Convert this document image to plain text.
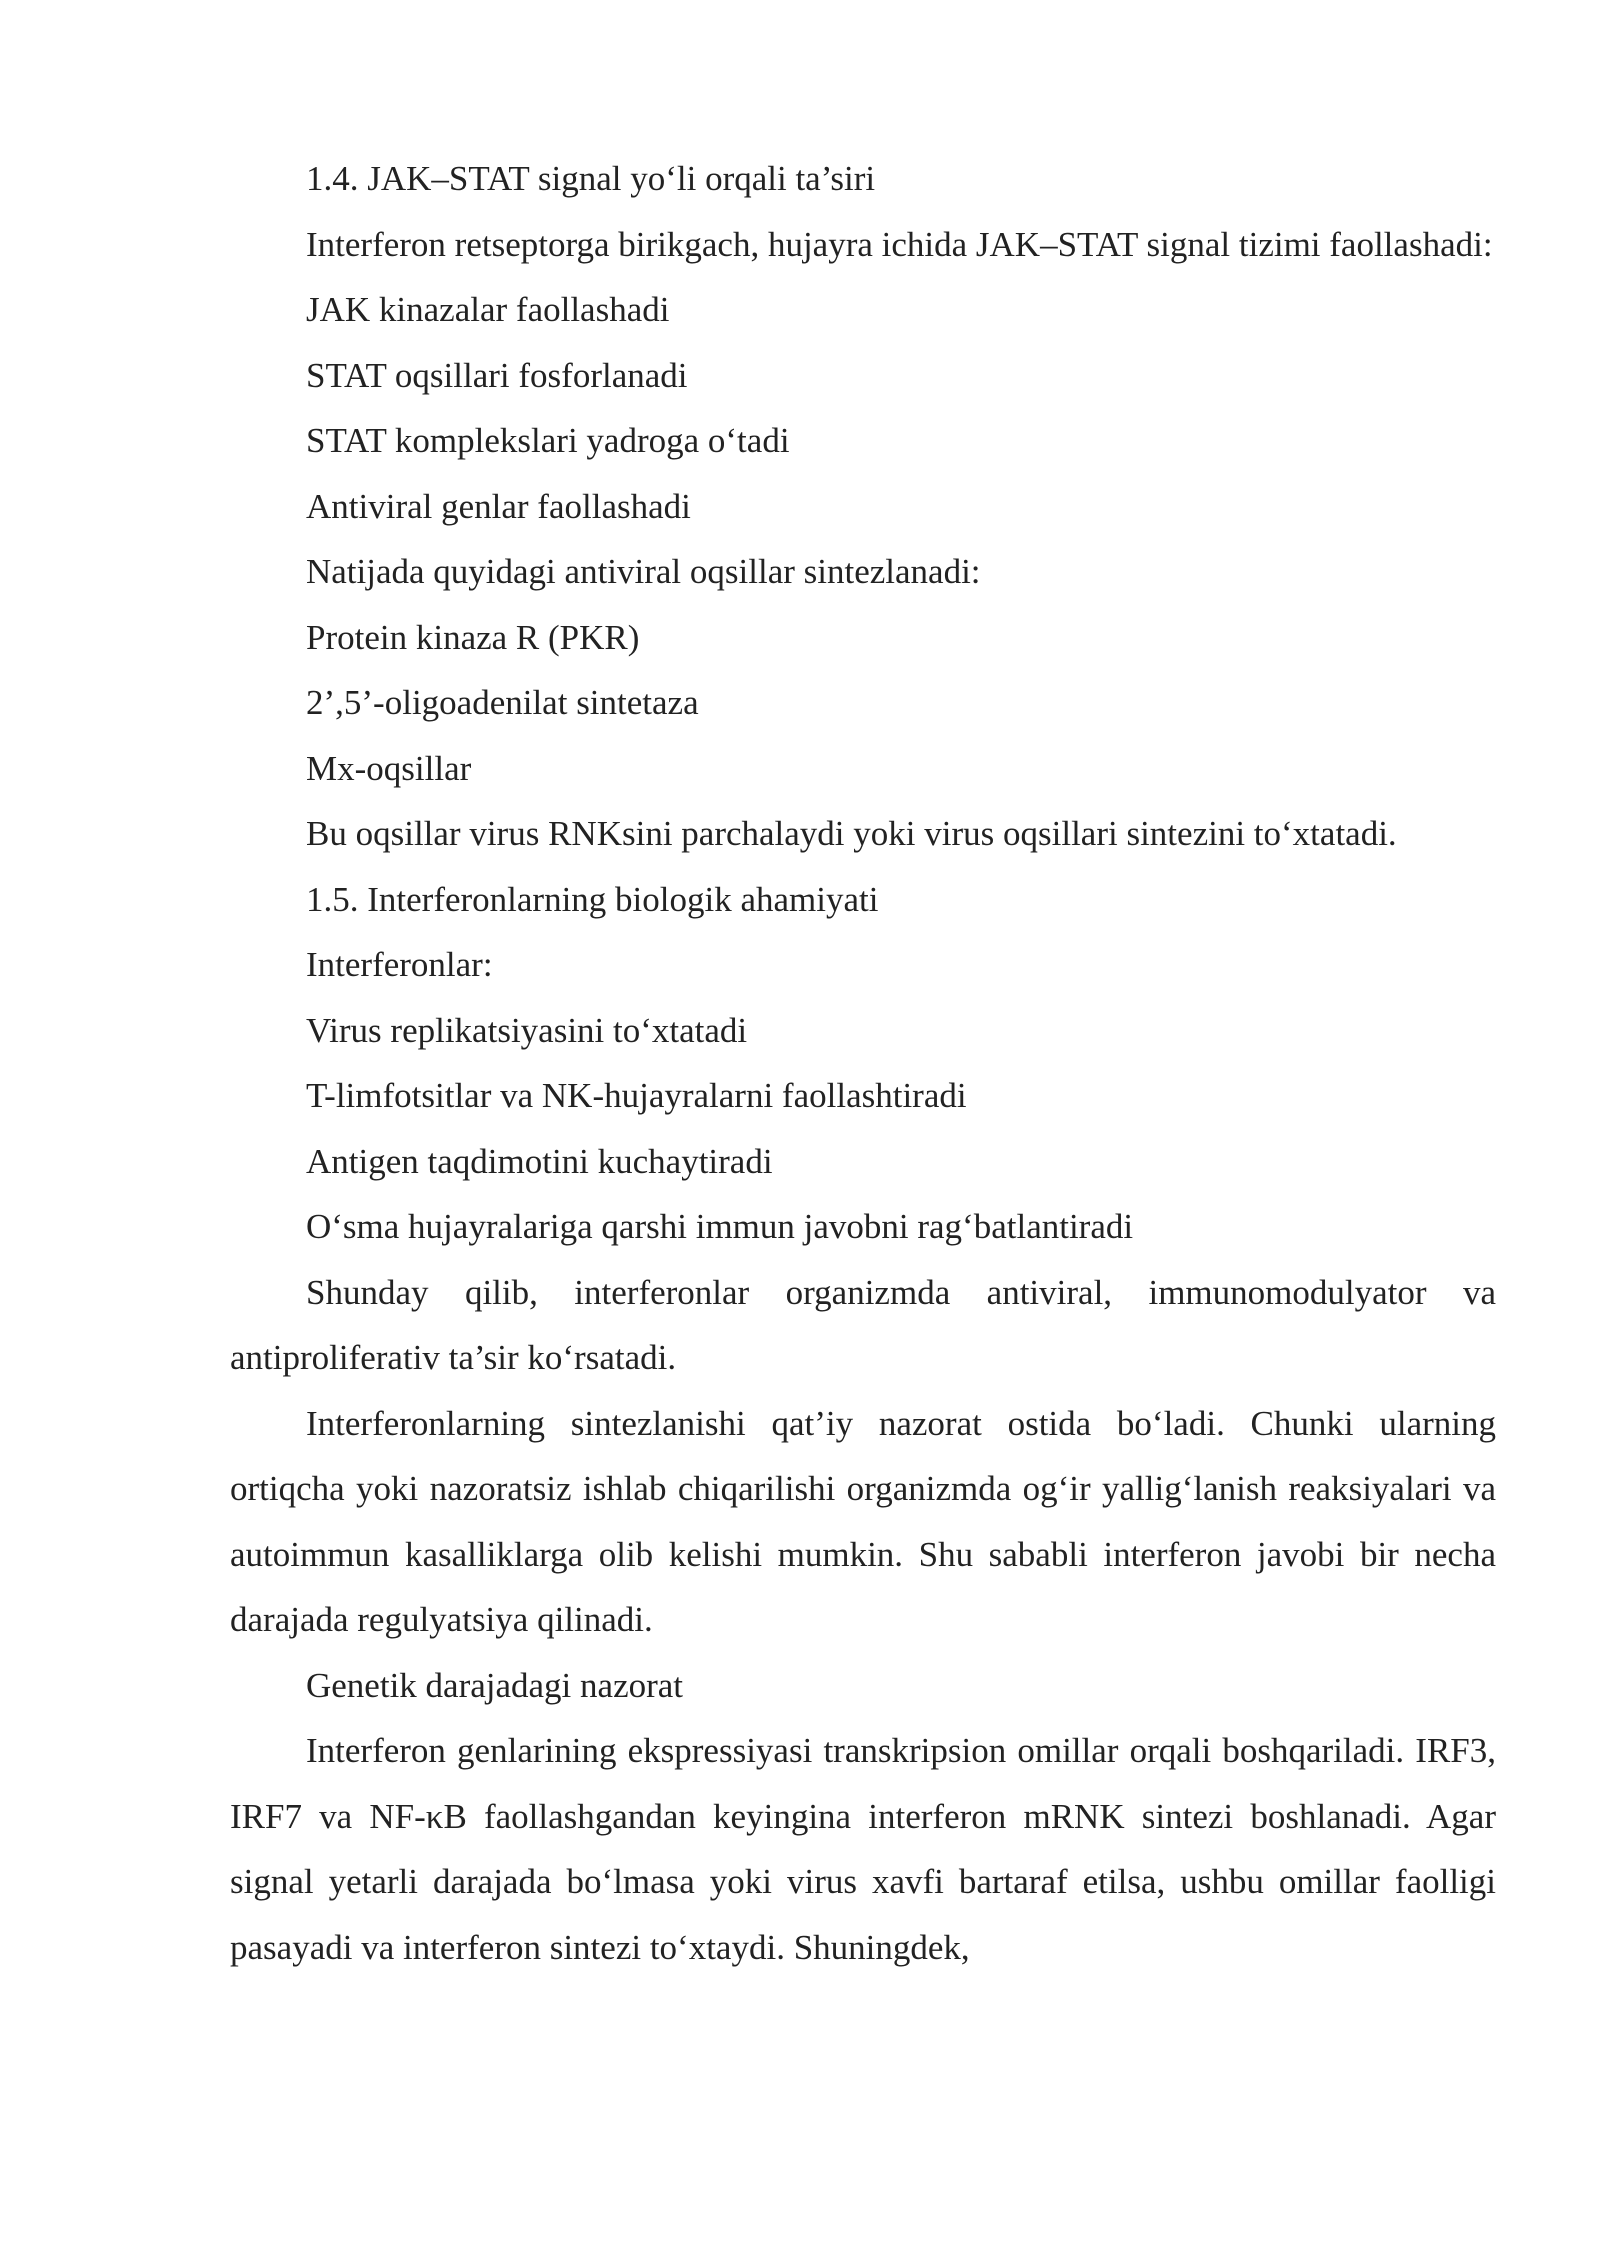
1.4. JAK–STAT signal yo‘li orqali ta’siri

Interferon retseptorga birikgach, hujayra ichida JAK–STAT signal tizimi faollashadi:

JAK kinazalar faollashadi

STAT oqsillari fosforlanadi

STAT komplekslari yadroga o‘tadi

Antiviral genlar faollashadi

Natijada quyidagi antiviral oqsillar sintezlanadi:

Protein kinaza R (PKR)

2’,5’-oligoadenilat sintetaza

Mx-oqsillar

Bu oqsillar virus RNKsini parchalaydi yoki virus oqsillari sintezini to‘xtatadi.

1.5. Interferonlarning biologik ahamiyati

Interferonlar:

Virus replikatsiyasini to‘xtatadi

T-limfotsitlar va NK-hujayralarni faollashtiradi

Antigen taqdimotini kuchaytiradi

O‘sma hujayralariga qarshi immun javobni rag‘batlantiradi

Shunday qilib, interferonlar organizmda antiviral, immunomodulyator va antiproliferativ ta’sir ko‘rsatadi.

Interferonlarning sintezlanishi qat’iy nazorat ostida bo‘ladi. Chunki ularning ortiqcha yoki nazoratsiz ishlab chiqarilishi organizmda og‘ir yallig‘lanish reaksiyalari va autoimmun kasalliklarga olib kelishi mumkin. Shu sababli interferon javobi bir necha darajada regulyatsiya qilinadi.

Genetik darajadagi nazorat

Interferon genlarining ekspressiyasi transkripsion omillar orqali boshqariladi. IRF3, IRF7 va NF-κB faollashgandan keyingina interferon mRNK sintezi boshlanadi. Agar signal yetarli darajada bo‘lmasa yoki virus xavfi bartaraf etilsa, ushbu omillar faolligi pasayadi va interferon sintezi to‘xtaydi. Shuningdek,
